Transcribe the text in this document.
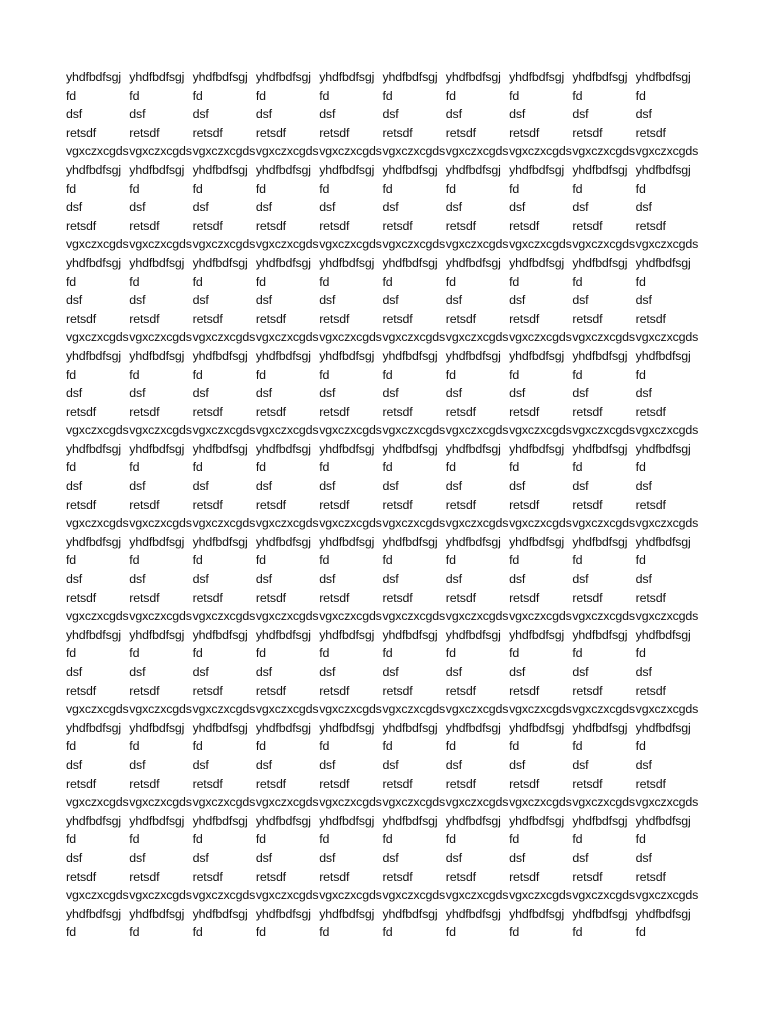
yhdfbdfsgj yhdfbdfsgj yhdfbdfsgj yhdfbdfsgj yhdfbdfsgj yhdfbdfsgj yhdfbdfsgj yhdfbdfsgj yhdfbdfsgj yhdfbdfsgj
fd	fd	fd	fd	fd	fd	fd	fd	fd	fd
dsf	dsf	dsf	dsf	dsf	dsf	dsf	dsf	dsf	dsf
retsdf	retsdf	retsdf	retsdf	retsdf	retsdf	retsdf	retsdf	retsdf	retsdf
vgxczxcgds vgxczxcgds vgxczxcgds vgxczxcgds vgxczxcgds vgxczxcgds vgxczxcgds vgxczxcgds vgxczxcgds vgxczxcgds
yhdfbdfsgj yhdfbdfsgj yhdfbdfsgj yhdfbdfsgj yhdfbdfsgj yhdfbdfsgj yhdfbdfsgj yhdfbdfsgj yhdfbdfsgj yhdfbdfsgj
fd	fd	fd	fd	fd	fd	fd	fd	fd	fd
dsf	dsf	dsf	dsf	dsf	dsf	dsf	dsf	dsf	dsf
retsdf	retsdf	retsdf	retsdf	retsdf	retsdf	retsdf	retsdf	retsdf	retsdf
vgxczxcgds vgxczxcgds vgxczxcgds vgxczxcgds vgxczxcgds vgxczxcgds vgxczxcgds vgxczxcgds vgxczxcgds vgxczxcgds
yhdfbdfsgj yhdfbdfsgj yhdfbdfsgj yhdfbdfsgj yhdfbdfsgj yhdfbdfsgj yhdfbdfsgj yhdfbdfsgj yhdfbdfsgj yhdfbdfsgj
fd	fd	fd	fd	fd	fd	fd	fd	fd	fd
dsf	dsf	dsf	dsf	dsf	dsf	dsf	dsf	dsf	dsf
retsdf	retsdf	retsdf	retsdf	retsdf	retsdf	retsdf	retsdf	retsdf	retsdf
vgxczxcgds vgxczxcgds vgxczxcgds vgxczxcgds vgxczxcgds vgxczxcgds vgxczxcgds vgxczxcgds vgxczxcgds vgxczxcgds
yhdfbdfsgj yhdfbdfsgj yhdfbdfsgj yhdfbdfsgj yhdfbdfsgj yhdfbdfsgj yhdfbdfsgj yhdfbdfsgj yhdfbdfsgj yhdfbdfsgj
fd	fd	fd	fd	fd	fd	fd	fd	fd	fd
dsf	dsf	dsf	dsf	dsf	dsf	dsf	dsf	dsf	dsf
retsdf	retsdf	retsdf	retsdf	retsdf	retsdf	retsdf	retsdf	retsdf	retsdf
vgxczxcgds vgxczxcgds vgxczxcgds vgxczxcgds vgxczxcgds vgxczxcgds vgxczxcgds vgxczxcgds vgxczxcgds vgxczxcgds
yhdfbdfsgj yhdfbdfsgj yhdfbdfsgj yhdfbdfsgj yhdfbdfsgj yhdfbdfsgj yhdfbdfsgj yhdfbdfsgj yhdfbdfsgj yhdfbdfsgj
fd	fd	fd	fd	fd	fd	fd	fd	fd	fd
dsf	dsf	dsf	dsf	dsf	dsf	dsf	dsf	dsf	dsf
retsdf	retsdf	retsdf	retsdf	retsdf	retsdf	retsdf	retsdf	retsdf	retsdf
vgxczxcgds vgxczxcgds vgxczxcgds vgxczxcgds vgxczxcgds vgxczxcgds vgxczxcgds vgxczxcgds vgxczxcgds vgxczxcgds
yhdfbdfsgj yhdfbdfsgj yhdfbdfsgj yhdfbdfsgj yhdfbdfsgj yhdfbdfsgj yhdfbdfsgj yhdfbdfsgj yhdfbdfsgj yhdfbdfsgj
fd	fd	fd	fd	fd	fd	fd	fd	fd	fd
dsf	dsf	dsf	dsf	dsf	dsf	dsf	dsf	dsf	dsf
retsdf	retsdf	retsdf	retsdf	retsdf	retsdf	retsdf	retsdf	retsdf	retsdf
vgxczxcgds vgxczxcgds vgxczxcgds vgxczxcgds vgxczxcgds vgxczxcgds vgxczxcgds vgxczxcgds vgxczxcgds vgxczxcgds
yhdfbdfsgj yhdfbdfsgj yhdfbdfsgj yhdfbdfsgj yhdfbdfsgj yhdfbdfsgj yhdfbdfsgj yhdfbdfsgj yhdfbdfsgj yhdfbdfsgj
fd	fd	fd	fd	fd	fd	fd	fd	fd	fd
dsf	dsf	dsf	dsf	dsf	dsf	dsf	dsf	dsf	dsf
retsdf	retsdf	retsdf	retsdf	retsdf	retsdf	retsdf	retsdf	retsdf	retsdf
vgxczxcgds vgxczxcgds vgxczxcgds vgxczxcgds vgxczxcgds vgxczxcgds vgxczxcgds vgxczxcgds vgxczxcgds vgxczxcgds
yhdfbdfsgj yhdfbdfsgj yhdfbdfsgj yhdfbdfsgj yhdfbdfsgj yhdfbdfsgj yhdfbdfsgj yhdfbdfsgj yhdfbdfsgj yhdfbdfsgj
fd	fd	fd	fd	fd	fd	fd	fd	fd	fd
dsf	dsf	dsf	dsf	dsf	dsf	dsf	dsf	dsf	dsf
retsdf	retsdf	retsdf	retsdf	retsdf	retsdf	retsdf	retsdf	retsdf	retsdf
vgxczxcgds vgxczxcgds vgxczxcgds vgxczxcgds vgxczxcgds vgxczxcgds vgxczxcgds vgxczxcgds vgxczxcgds vgxczxcgds
yhdfbdfsgj yhdfbdfsgj yhdfbdfsgj yhdfbdfsgj yhdfbdfsgj yhdfbdfsgj yhdfbdfsgj yhdfbdfsgj yhdfbdfsgj yhdfbdfsgj
fd	fd	fd	fd	fd	fd	fd	fd	fd	fd
dsf	dsf	dsf	dsf	dsf	dsf	dsf	dsf	dsf	dsf
retsdf	retsdf	retsdf	retsdf	retsdf	retsdf	retsdf	retsdf	retsdf	retsdf
vgxczxcgds vgxczxcgds vgxczxcgds vgxczxcgds vgxczxcgds vgxczxcgds vgxczxcgds vgxczxcgds vgxczxcgds vgxczxcgds
yhdfbdfsgj yhdfbdfsgj yhdfbdfsgj yhdfbdfsgj yhdfbdfsgj yhdfbdfsgj yhdfbdfsgj yhdfbdfsgj yhdfbdfsgj yhdfbdfsgj
fd	fd	fd	fd	fd	fd	fd	fd	fd	fd
